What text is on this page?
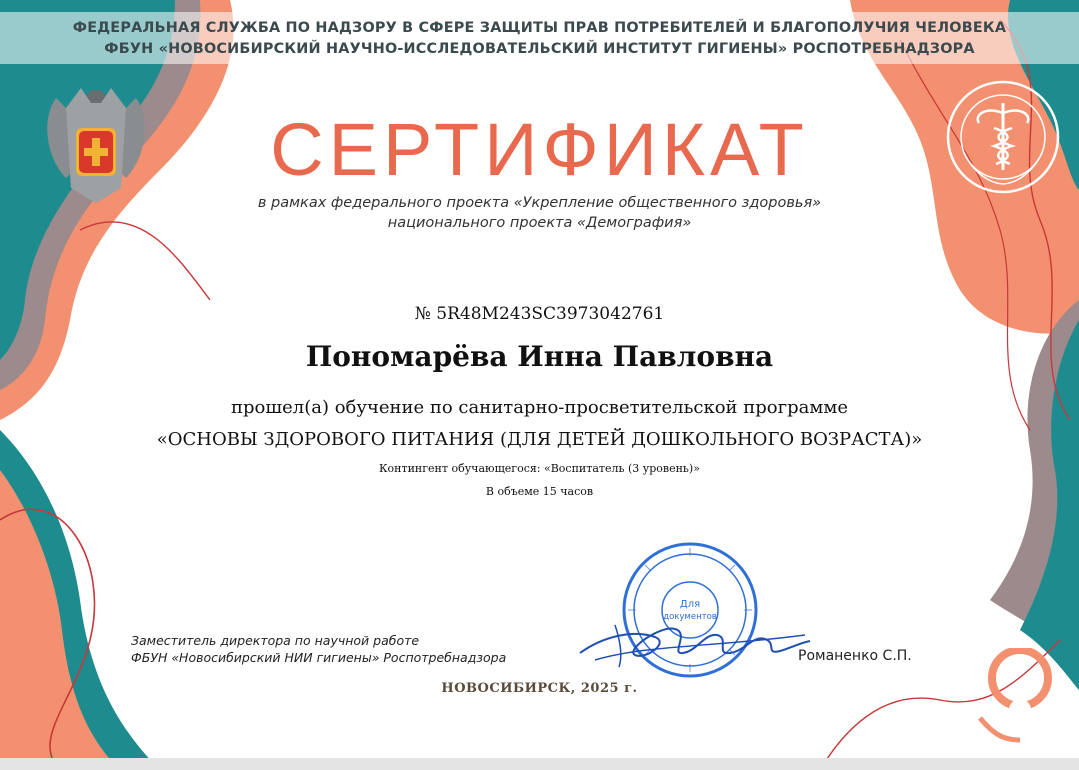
ФЕДЕРАЛЬНАЯ СЛУЖБА ПО НАДЗОРУ В СФЕРЕ ЗАЩИТЫ ПРАВ ПОТРЕБИТЕЛЕЙ И БЛАГОПОЛУЧИЯ ЧЕЛОВЕКА
ФБУН «НОВОСИБИРСКИЙ НАУЧНО-ИССЛЕДОВАТЕЛЬСКИЙ ИНСТИТУТ ГИГИЕНЫ» РОСПОТРЕБНАДЗОРА
СЕРТИФИКАТ
в рамках федерального проекта «Укрепление общественного здоровья»
национального проекта «Демография»
№ 5R48M243SC3973042761
Пономарёва Инна Павловна
прошел(а) обучение по санитарно-просветительской программе
«ОСНОВЫ ЗДОРОВОГО ПИТАНИЯ (ДЛЯ ДЕТЕЙ ДОШКОЛЬНОГО ВОЗРАСТА)»
Контингент обучающегося: «Воспитатель (3 уровень)»
В объеме 15 часов
Для
документов
Заместитель директора по научной работе
ФБУН «Новосибирский НИИ гигиены» Роспотребнадзора	Романенко С.П.
НОВОСИБИРСК, 2025 г.
